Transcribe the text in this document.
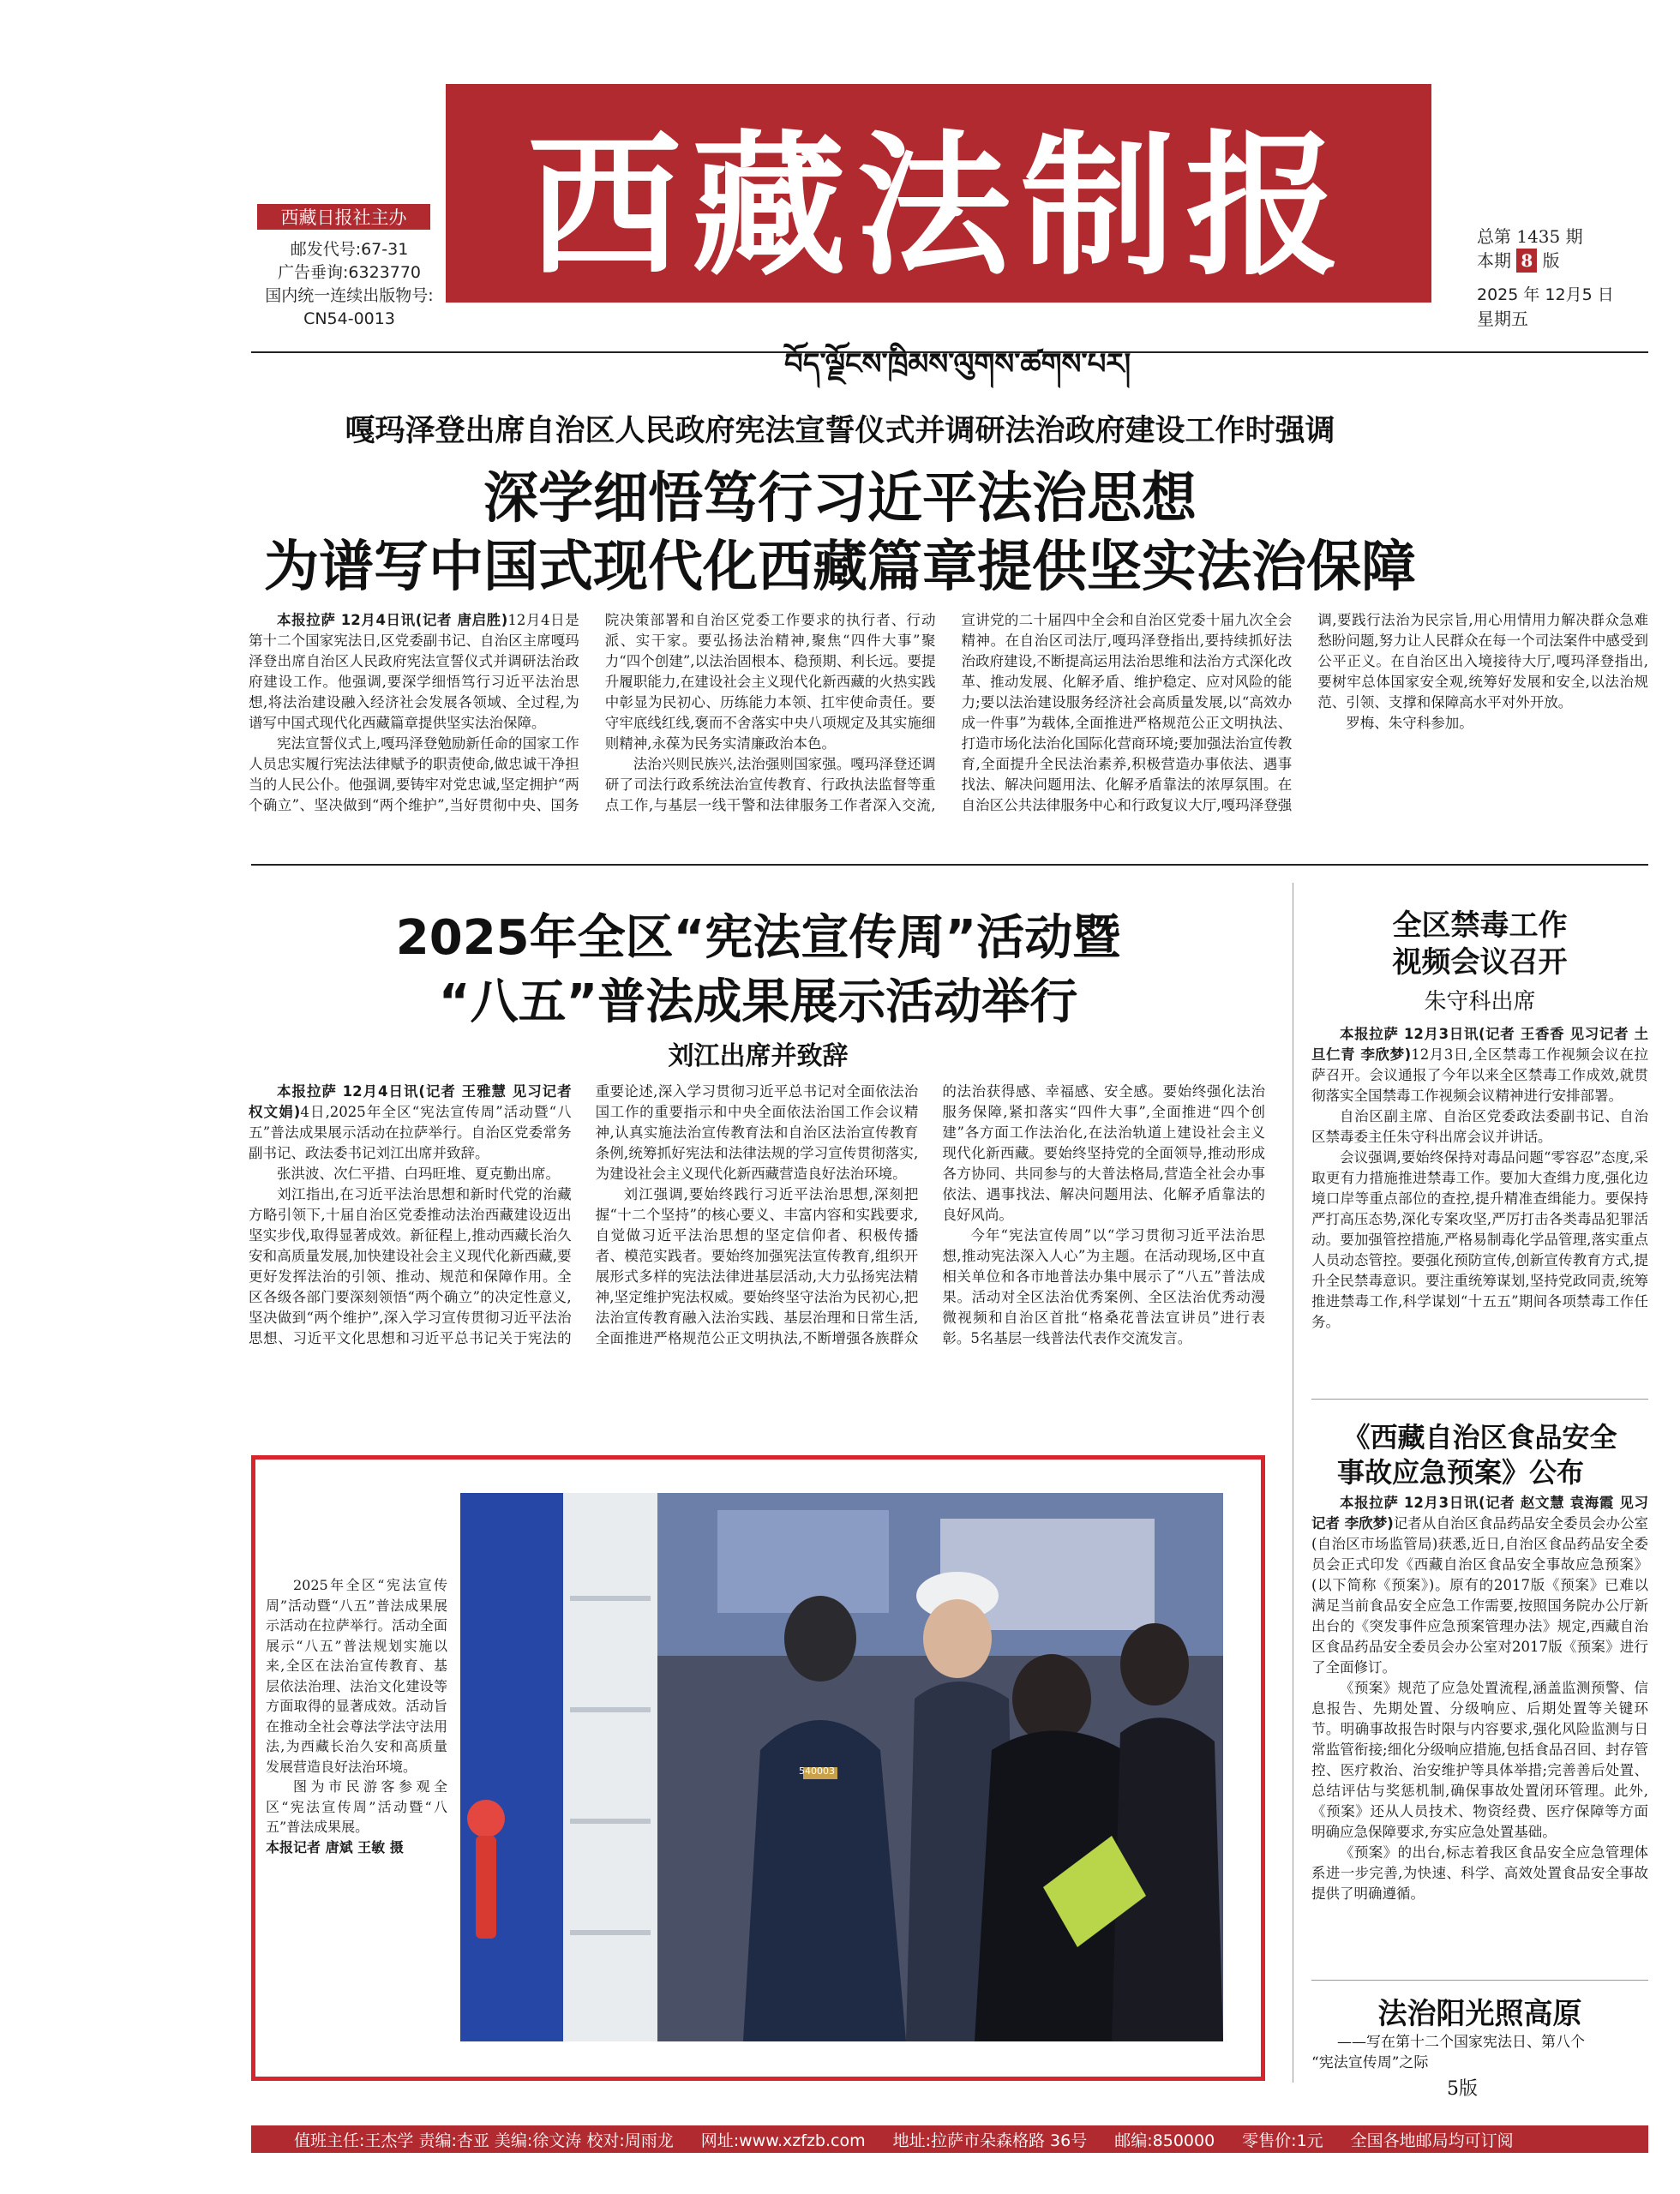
西藏日报社主办
邮发代号:67-31
广告垂询:6323770
国内统一连续出版物号:
CN54-0013
西藏法制报	总第 1435 期
本期 8 版
2025 年 12月5 日
星期五
བོད་ལྗོངས་ཁྲིམས་ལུགས་ཚགས་པར།
嘎玛泽登出席自治区人民政府宪法宣誓仪式并调研法治政府建设工作时强调
深学细悟笃行习近平法治思想
为谱写中国式现代化西藏篇章提供坚实法治保障

本报拉萨 12月4日讯(记者 唐启胜)12月4日是第十二个国家宪法日,区党委副书记、自治区主席嘎玛泽登出席自治区人民政府宪法宣誓仪式并调研法治政府建设工作。他强调,要深学细悟笃行习近平法治思想,将法治建设融入经济社会发展各领域、全过程,为谱写中国式现代化西藏篇章提供坚实法治保障。

宪法宣誓仪式上,嘎玛泽登勉励新任命的国家工作人员忠实履行宪法法律赋予的职责使命,做忠诚干净担当的人民公仆。他强调,要铸牢对党忠诚,坚定拥护“两个确立”、坚决做到“两个维护”,当好贯彻中央、国务院决策部署和自治区党委工作要求的执行者、行动派、实干家。要弘扬法治精神,聚焦“四件大事”聚力“四个创建”,以法治固根本、稳预期、利长远。要提升履职能力,在建设社会主义现代化新西藏的火热实践中彰显为民初心、历练能力本领、扛牢使命责任。要守牢底线红线,褒而不舍落实中央八项规定及其实施细则精神,永葆为民务实清廉政治本色。

法治兴则民族兴,法治强则国家强。嘎玛泽登还调研了司法行政系统法治宣传教育、行政执法监督等重点工作,与基层一线干警和法律服务工作者深入交流,宣讲党的二十届四中全会和自治区党委十届九次全会精神。在自治区司法厅,嘎玛泽登指出,要持续抓好法治政府建设,不断提高运用法治思维和法治方式深化改革、推动发展、化解矛盾、维护稳定、应对风险的能力;要以法治建设服务经济社会高质量发展,以“高效办成一件事”为载体,全面推进严格规范公正文明执法、打造市场化法治化国际化营商环境;要加强法治宣传教育,全面提升全民法治素养,积极营造办事依法、遇事找法、解决问题用法、化解矛盾靠法的浓厚氛围。在自治区公共法律服务中心和行政复议大厅,嘎玛泽登强调,要践行法治为民宗旨,用心用情用力解决群众急难愁盼问题,努力让人民群众在每一个司法案件中感受到公平正义。在自治区出入境接待大厅,嘎玛泽登指出,要树牢总体国家安全观,统筹好发展和安全,以法治规范、引领、支撑和保障高水平对外开放。

罗梅、朱守科参加。

2025年全区“宪法宣传周”活动暨
“八五”普法成果展示活动举行
刘江出席并致辞

本报拉萨 12月4日讯(记者 王雅慧 见习记者 权文娟)4日,2025年全区“宪法宣传周”活动暨“八五”普法成果展示活动在拉萨举行。自治区党委常务副书记、政法委书记刘江出席并致辞。

张洪波、次仁平措、白玛旺堆、夏克勤出席。

刘江指出,在习近平法治思想和新时代党的治藏方略引领下,十届自治区党委推动法治西藏建设迈出坚实步伐,取得显著成效。新征程上,推动西藏长治久安和高质量发展,加快建设社会主义现代化新西藏,要更好发挥法治的引领、推动、规范和保障作用。全区各级各部门要深刻领悟“两个确立”的决定性意义,坚决做到“两个维护”,深入学习宣传贯彻习近平法治思想、习近平文化思想和习近平总书记关于宪法的重要论述,深入学习贯彻习近平总书记对全面依法治国工作的重要指示和中央全面依法治国工作会议精神,认真实施法治宣传教育法和自治区法治宣传教育条例,统筹抓好宪法和法律法规的学习宣传贯彻落实,为建设社会主义现代化新西藏营造良好法治环境。

刘江强调,要始终践行习近平法治思想,深刻把握“十二个坚持”的核心要义、丰富内容和实践要求,自觉做习近平法治思想的坚定信仰者、积极传播者、模范实践者。要始终加强宪法宣传教育,组织开展形式多样的宪法法律进基层活动,大力弘扬宪法精神,坚定维护宪法权威。要始终坚守法治为民初心,把法治宣传教育融入法治实践、基层治理和日常生活,全面推进严格规范公正文明执法,不断增强各族群众的法治获得感、幸福感、安全感。要始终强化法治服务保障,紧扣落实“四件大事”,全面推进“四个创建”各方面工作法治化,在法治轨道上建设社会主义现代化新西藏。要始终坚持党的全面领导,推动形成各方协同、共同参与的大普法格局,营造全社会办事依法、遇事找法、解决问题用法、化解矛盾靠法的良好风尚。

今年“宪法宣传周”以“学习贯彻习近平法治思想,推动宪法深入人心”为主题。在活动现场,区中直相关单位和各市地普法办集中展示了“八五”普法成果。活动对全区法治优秀案例、全区法治优秀动漫微视频和自治区首批“格桑花普法宣讲员”进行表彰。5名基层一线普法代表作交流发言。

全区禁毒工作
视频会议召开
朱守科出席

本报拉萨 12月3日讯(记者 王香香 见习记者 土旦仁青 李欣梦)12月3日,全区禁毒工作视频会议在拉萨召开。会议通报了今年以来全区禁毒工作成效,就贯彻落实全国禁毒工作视频会议精神进行安排部署。

自治区副主席、自治区党委政法委副书记、自治区禁毒委主任朱守科出席会议并讲话。

会议强调,要始终保持对毒品问题“零容忍”态度,采取更有力措施推进禁毒工作。要加大查缉力度,强化边境口岸等重点部位的查控,提升精准查缉能力。要保持严打高压态势,深化专案攻坚,严厉打击各类毒品犯罪活动。要加强管控措施,严格易制毒化学品管理,落实重点人员动态管控。要强化预防宣传,创新宣传教育方式,提升全民禁毒意识。要注重统筹谋划,坚持党政同责,统筹推进禁毒工作,科学谋划“十五五”期间各项禁毒工作任务。

《西藏自治区食品安全
事故应急预案》公布

本报拉萨 12月3日讯(记者 赵文慧 袁海霞 见习记者 李欣梦)记者从自治区食品药品安全委员会办公室(自治区市场监管局)获悉,近日,自治区食品药品安全委员会正式印发《西藏自治区食品安全事故应急预案》(以下简称《预案》)。原有的2017版《预案》已难以满足当前食品安全应急工作需要,按照国务院办公厅新出台的《突发事件应急预案管理办法》规定,西藏自治区食品药品安全委员会办公室对2017版《预案》进行了全面修订。

《预案》规范了应急处置流程,涵盖监测预警、信息报告、先期处置、分级响应、后期处置等关键环节。明确事故报告时限与内容要求,强化风险监测与日常监管衔接;细化分级响应措施,包括食品召回、封存管控、医疗救治、治安维护等具体举措;完善善后处置、总结评估与奖惩机制,确保事故处置闭环管理。此外,《预案》还从人员技术、物资经费、医疗保障等方面明确应急保障要求,夯实应急处置基础。

《预案》的出台,标志着我区食品安全应急管理体系进一步完善,为快速、科学、高效处置食品安全事故提供了明确遵循。

法治阳光照高原
——写在第十二个国家宪法日、第八个
“宪法宣传周”之际
5版

2025年全区“宪法宣传周”活动暨“八五”普法成果展示活动在拉萨举行。活动全面展示“八五”普法规划实施以来,全区在法治宣传教育、基层依法治理、法治文化建设等方面取得的显著成效。活动旨在推动全社会尊法学法守法用法,为西藏长治久安和高质量发展营造良好法治环境。

图为市民游客参观全区“宪法宣传周”活动暨“八五”普法成果展。

本报记者 唐斌 王敏 摄
540003
值班主任:王杰学 责编:杏亚 美编:徐文涛 校对:周雨龙 网址:www.xzfzb.com 地址:拉萨市朵森格路 36号 邮编:850000 零售价:1元 全国各地邮局均可订阅
